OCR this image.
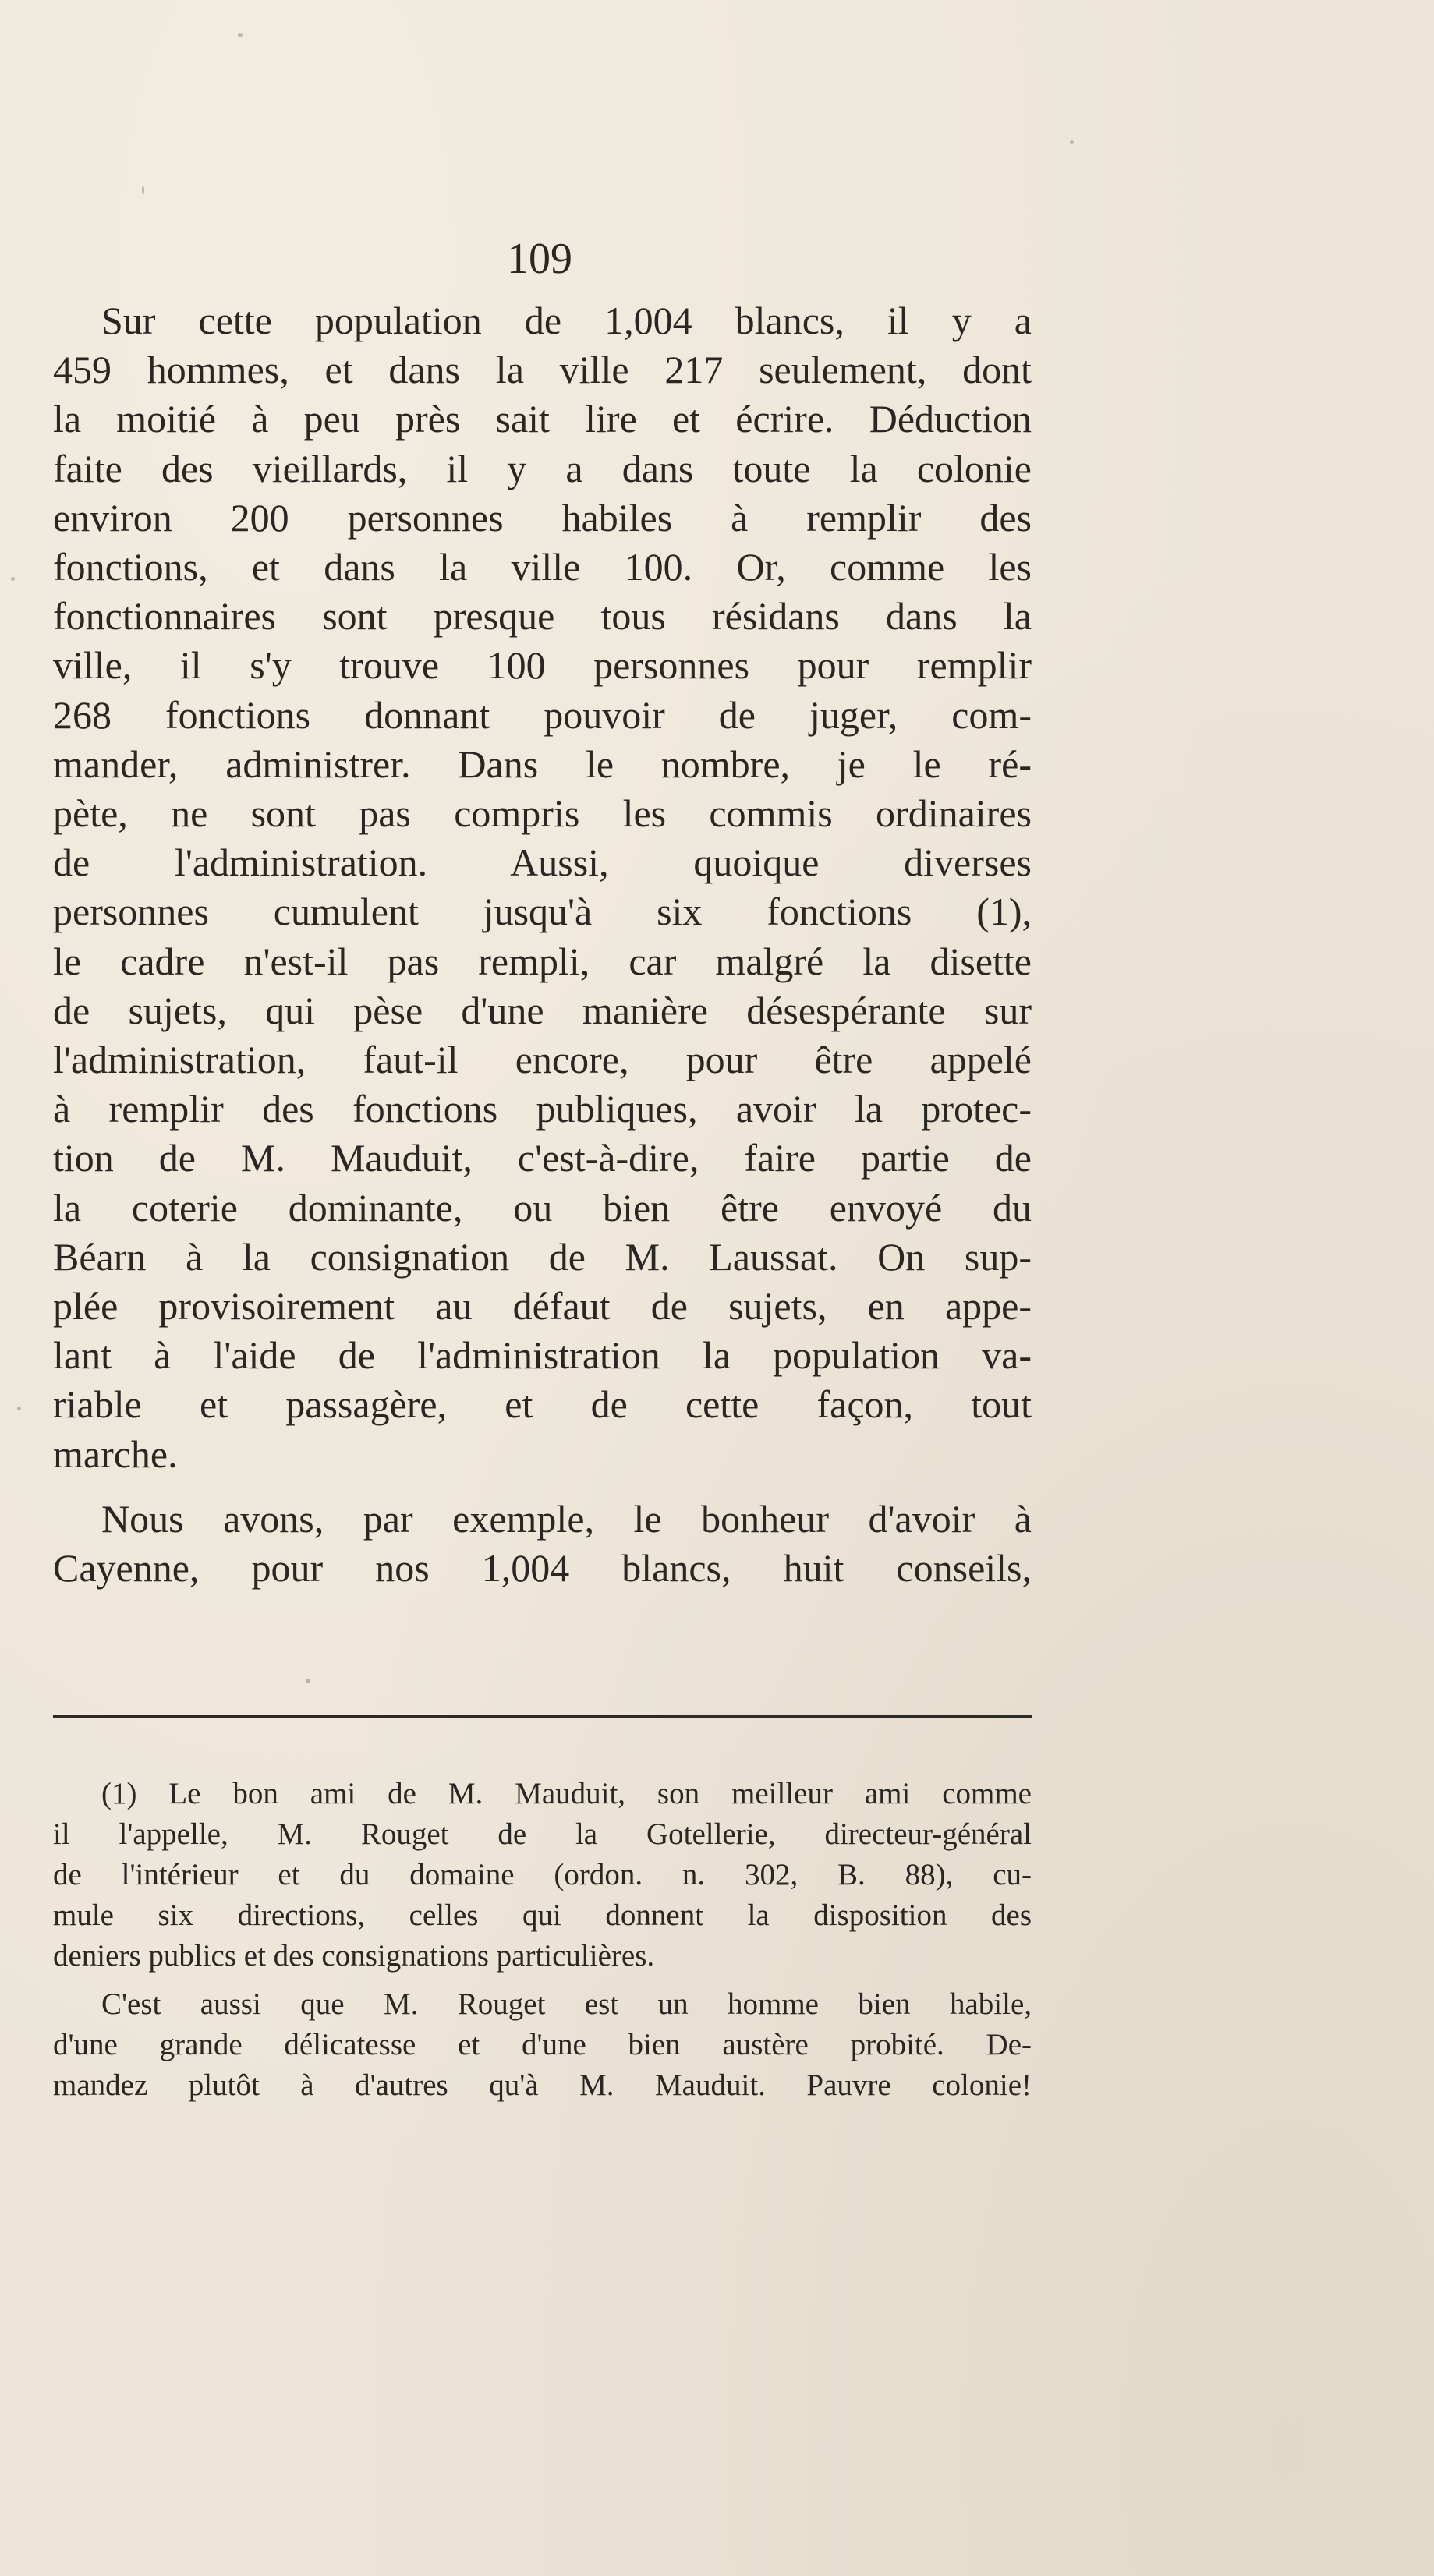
109
Sur cette population de 1,004 blancs, il y a
459 hommes, et dans la ville 217 seulement, dont
la moitié à peu près sait lire et écrire. Déduction
faite des vieillards, il y a dans toute la colonie
environ 200 personnes habiles à remplir des
fonctions, et dans la ville 100. Or, comme les
fonctionnaires sont presque tous résidans dans la
ville, il s'y trouve 100 personnes pour remplir
268 fonctions donnant pouvoir de juger, com-
mander, administrer. Dans le nombre, je le ré-
pète, ne sont pas compris les commis ordinaires
de l'administration. Aussi, quoique diverses
personnes cumulent jusqu'à six fonctions (1),
le cadre n'est-il pas rempli, car malgré la disette
de sujets, qui pèse d'une manière désespérante sur
l'administration, faut-il encore, pour être appelé
à remplir des fonctions publiques, avoir la protec-
tion de M. Mauduit, c'est-à-dire, faire partie de
la coterie dominante, ou bien être envoyé du
Béarn à la consignation de M. Laussat. On sup-
plée provisoirement au défaut de sujets, en appe-
lant à l'aide de l'administration la population va-
riable et passagère, et de cette façon, tout
marche.
Nous avons, par exemple, le bonheur d'avoir à
Cayenne, pour nos 1,004 blancs, huit conseils,
(1) Le bon ami de M. Mauduit, son meilleur ami comme
il l'appelle, M. Rouget de la Gotellerie, directeur-général
de l'intérieur et du domaine (ordon. n. 302, B. 88), cu-
mule six directions, celles qui donnent la disposition des
deniers publics et des consignations particulières.
C'est aussi que M. Rouget est un homme bien habile,
d'une grande délicatesse et d'une bien austère probité. De-
mandez plutôt à d'autres qu'à M. Mauduit. Pauvre colonie!
